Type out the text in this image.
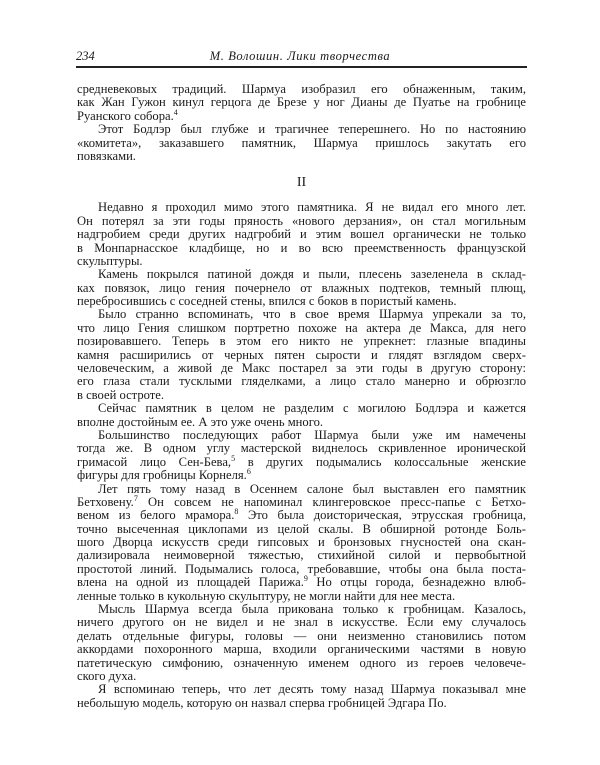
234	М. Волошин. Лики творчества
средневековых традиций. Шармуа изобразил его обнаженным, таким,
как Жан Гужон кинул герцога де Брезе у ног Дианы де Пуатье на гробнице
Руанского собора.$^4$
Этот Бодлэр был глубже и трагичнее теперешнего. Но по настоянию
«комитета», заказавшего памятник, Шармуа пришлось закутать его
повязками.
II
Недавно я проходил мимо этого памятника. Я не видал его много лет.
Он потерял за эти годы пряность «нового дерзания», он стал могильным
надгробием среди других надгробий и этим вошел органически не только
в Монпарнасское кладбище, но и во всю преемственность французской
скульптуры.
Камень покрылся патиной дождя и пыли, плесень зазеленела в склад-
ках повязок, лицо гения почернело от влажных подтеков, темный плющ,
перебросившись с соседней стены, впился с боков в пористый камень.
Было странно вспоминать, что в свое время Шармуа упрекали за то,
что лицо Гения слишком портретно похоже на актера де Макса, для него
позировавшего. Теперь в этом его никто не упрекнет: глазные впадины
камня расширились от черных пятен сырости и глядят взглядом сверх-
человеческим, а живой де Макс постарел за эти годы в другую сторону:
его глаза стали тусклыми гляделками, а лицо стало манерно и обрюзгло
в своей остроте.
Сейчас памятник в целом не разделим с могилою Бодлэра и кажется
вполне достойным ее. А это уже очень много.
Большинство последующих работ Шармуа были уже им намечены
тогда же. В одном углу мастерской виднелось скривленное иронической
гримасой лицо Сен-Бева,$^5$ в других подымались колоссальные женские
фигуры для гробницы Корнеля.$^6$
Лет пять тому назад в Осеннем салоне был выставлен его памятник
Бетховену.$^7$ Он совсем не напоминал клингеровское пресс-папье с Бетхо-
веном из белого мрамора.$^8$ Это была доисторическая, этрусская гробница,
точно высеченная циклопами из целой скалы. В обширной ротонде Боль-
шого Дворца искусств среди гипсовых и бронзовых гнусностей она скан-
дализировала неимоверной тяжестью, стихийной силой и первобытной
простотой линий. Подымались голоса, требовавшие, чтобы она была поста-
влена на одной из площадей Парижа.$^9$ Но отцы города, безнадежно влюб-
ленные только в кукольную скульптуру, не могли найти для нее места.
Мысль Шармуа всегда была прикована только к гробницам. Казалось,
ничего другого он не видел и не знал в искусстве. Если ему случалось
делать отдельные фигуры, головы — они неизменно становились потом
аккордами похоронного марша, входили органическими частями в новую
патетическую симфонию, означенную именем одного из героев человече-
ского духа.
Я вспоминаю теперь, что лет десять тому назад Шармуа показывал мне
небольшую модель, которую он назвал сперва гробницей Эдгара По.
